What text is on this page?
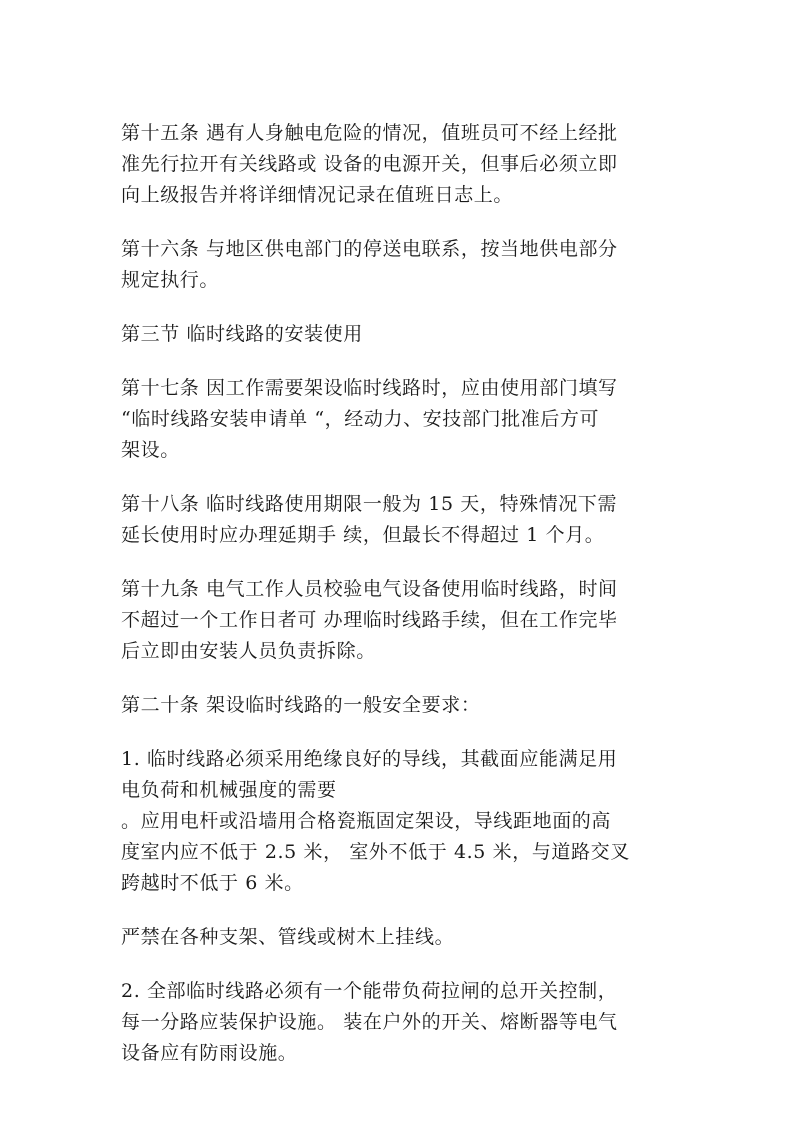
第十五条 遇有人身触电危险的情况，值班员可不经上经批
准先行拉开有关线路或 设备的电源开关，但事后必须立即
向上级报告并将详细情况记录在值班日志上。

第十六条 与地区供电部门的停送电联系，按当地供电部分
规定执行。

第三节 临时线路的安装使用

第十七条 因工作需要架设临时线路时，应由使用部门填写
“临时线路安装申请单 “，经动力、安技部门批准后方可
架设。

第十八条 临时线路使用期限一般为 15 天，特殊情况下需
延长使用时应办理延期手 续，但最长不得超过 1 个月。

第十九条 电气工作人员校验电气设备使用临时线路，时间
不超过一个工作日者可 办理临时线路手续，但在工作完毕
后立即由安装人员负责拆除。

第二十条 架设临时线路的一般安全要求：

1. 临时线路必须采用绝缘良好的导线，其截面应能满足用
电负荷和机械强度的需要
。应用电杆或沿墙用合格瓷瓶固定架设，导线距地面的高
度室内应不低于 2.5 米， 室外不低于 4.5 米，与道路交叉
跨越时不低于 6 米。

严禁在各种支架、管线或树木上挂线。

2. 全部临时线路必须有一个能带负荷拉闸的总开关控制，
每一分路应装保护设施。 装在户外的开关、熔断器等电气
设备应有防雨设施。
